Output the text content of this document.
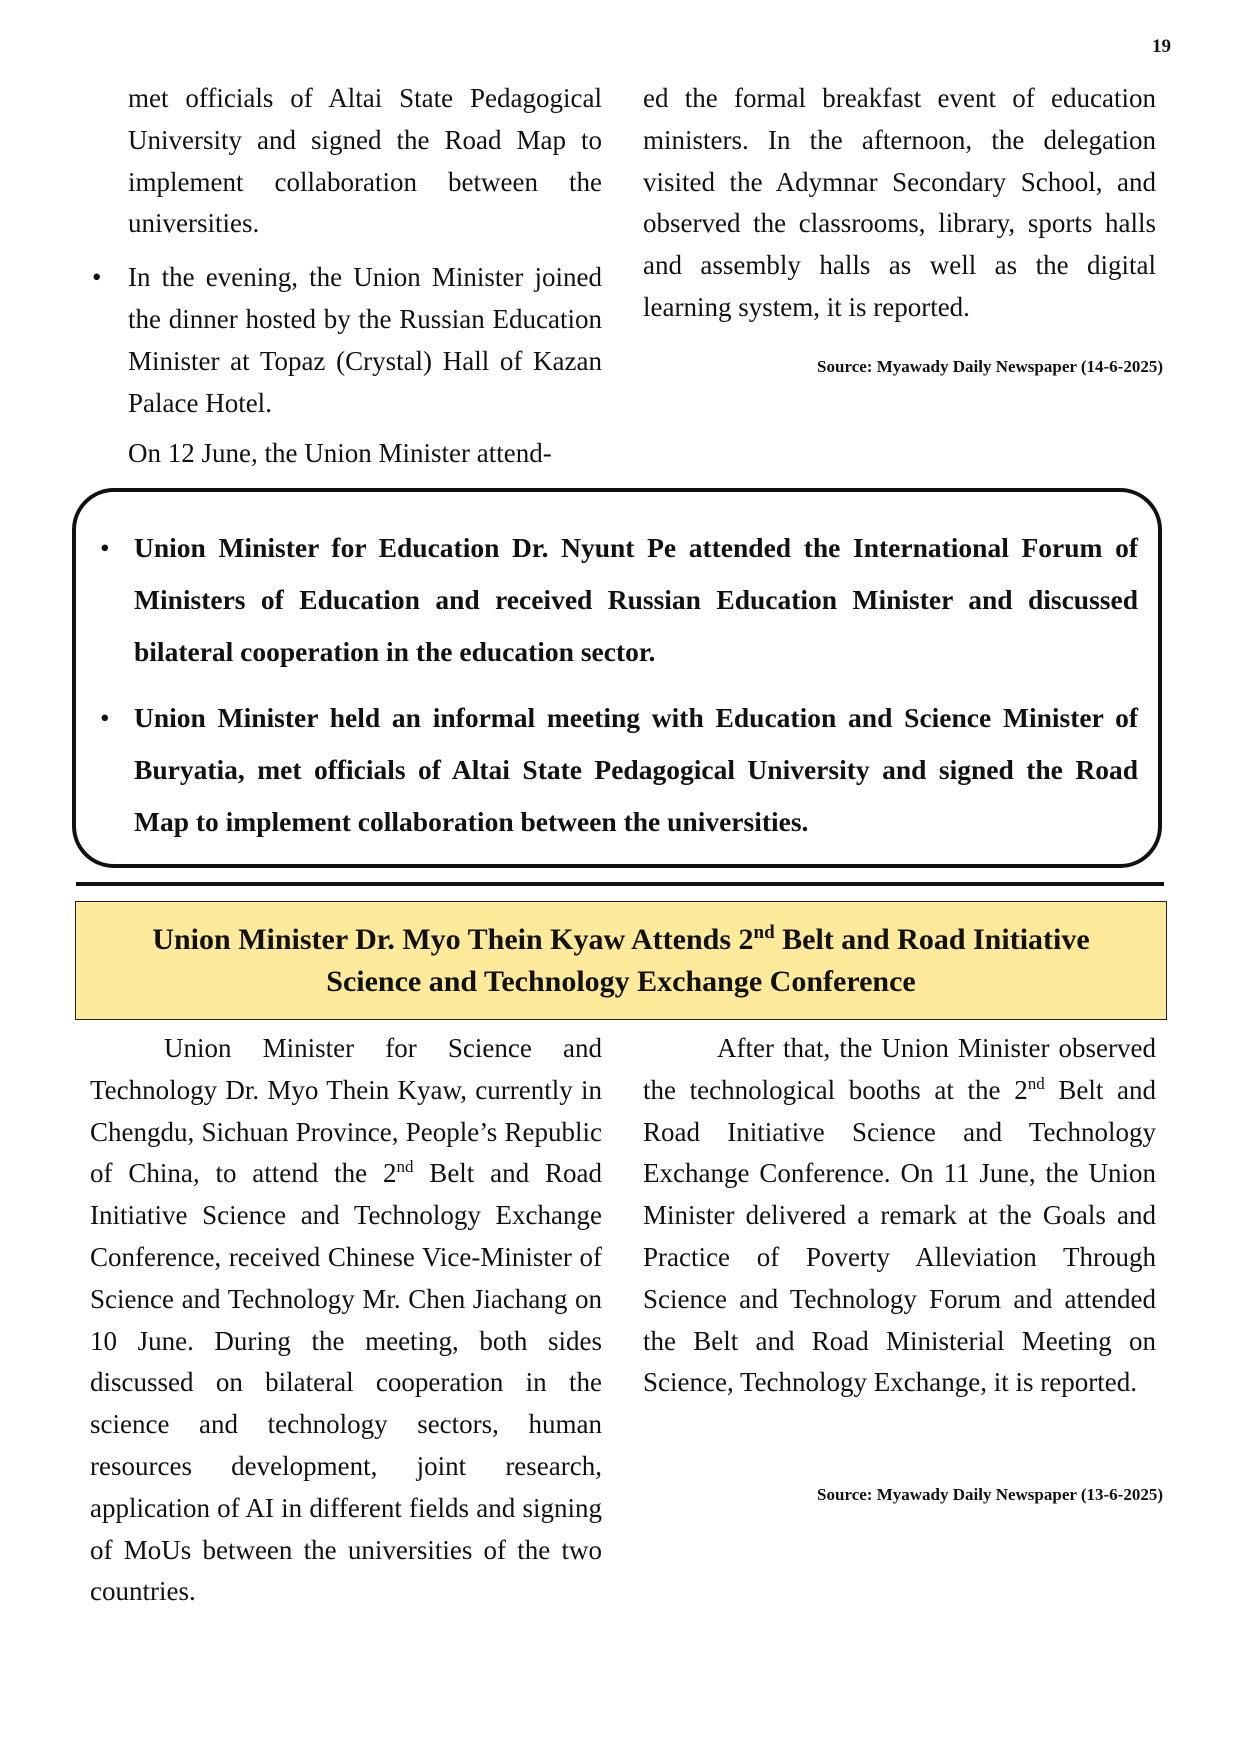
19

met officials of Altai State Pedagogical University and signed the Road Map to implement collaboration between the universities.

• In the evening, the Union Minister joined the dinner hosted by the Russian Education Minister at Topaz (Crystal) Hall of Kazan Palace Hotel.

On 12 June, the Union Minister attend-

ed the formal breakfast event of education ministers. In the afternoon, the delegation visited the Adymnar Secondary School, and observed the classrooms, library, sports halls and assembly halls as well as the digital learning system, it is reported.

Source: Myawady Daily Newspaper (14-6-2025)
• Union Minister for Education Dr. Nyunt Pe attended the International Forum of Ministers of Education and received Russian Education Minister and discussed bilateral cooperation in the education sector.
• Union Minister held an informal meeting with Education and Science Minister of Buryatia, met officials of Altai State Pedagogical University and signed the Road Map to implement collaboration between the universities.
Union Minister Dr. Myo Thein Kyaw Attends 2nd Belt and Road Initiative
Science and Technology Exchange Conference

Union Minister for Science and Technology Dr. Myo Thein Kyaw, currently in Chengdu, Sichuan Province, People’s Republic of China, to attend the 2nd Belt and Road Initiative Science and Technology Exchange Conference, received Chinese Vice-Minister of Science and Technology Mr. Chen Jiachang on 10 June. During the meeting, both sides discussed on bilateral cooperation in the science and technology sectors, human resources development, joint research, application of AI in different fields and signing of MoUs between the universities of the two countries.

After that, the Union Minister observed the technological booths at the 2nd Belt and Road Initiative Science and Technology Exchange Conference. On 11 June, the Union Minister delivered a remark at the Goals and Practice of Poverty Alleviation Through Science and Technology Forum and attended the Belt and Road Ministerial Meeting on Science, Technology Exchange, it is reported.

Source: Myawady Daily Newspaper (13-6-2025)
